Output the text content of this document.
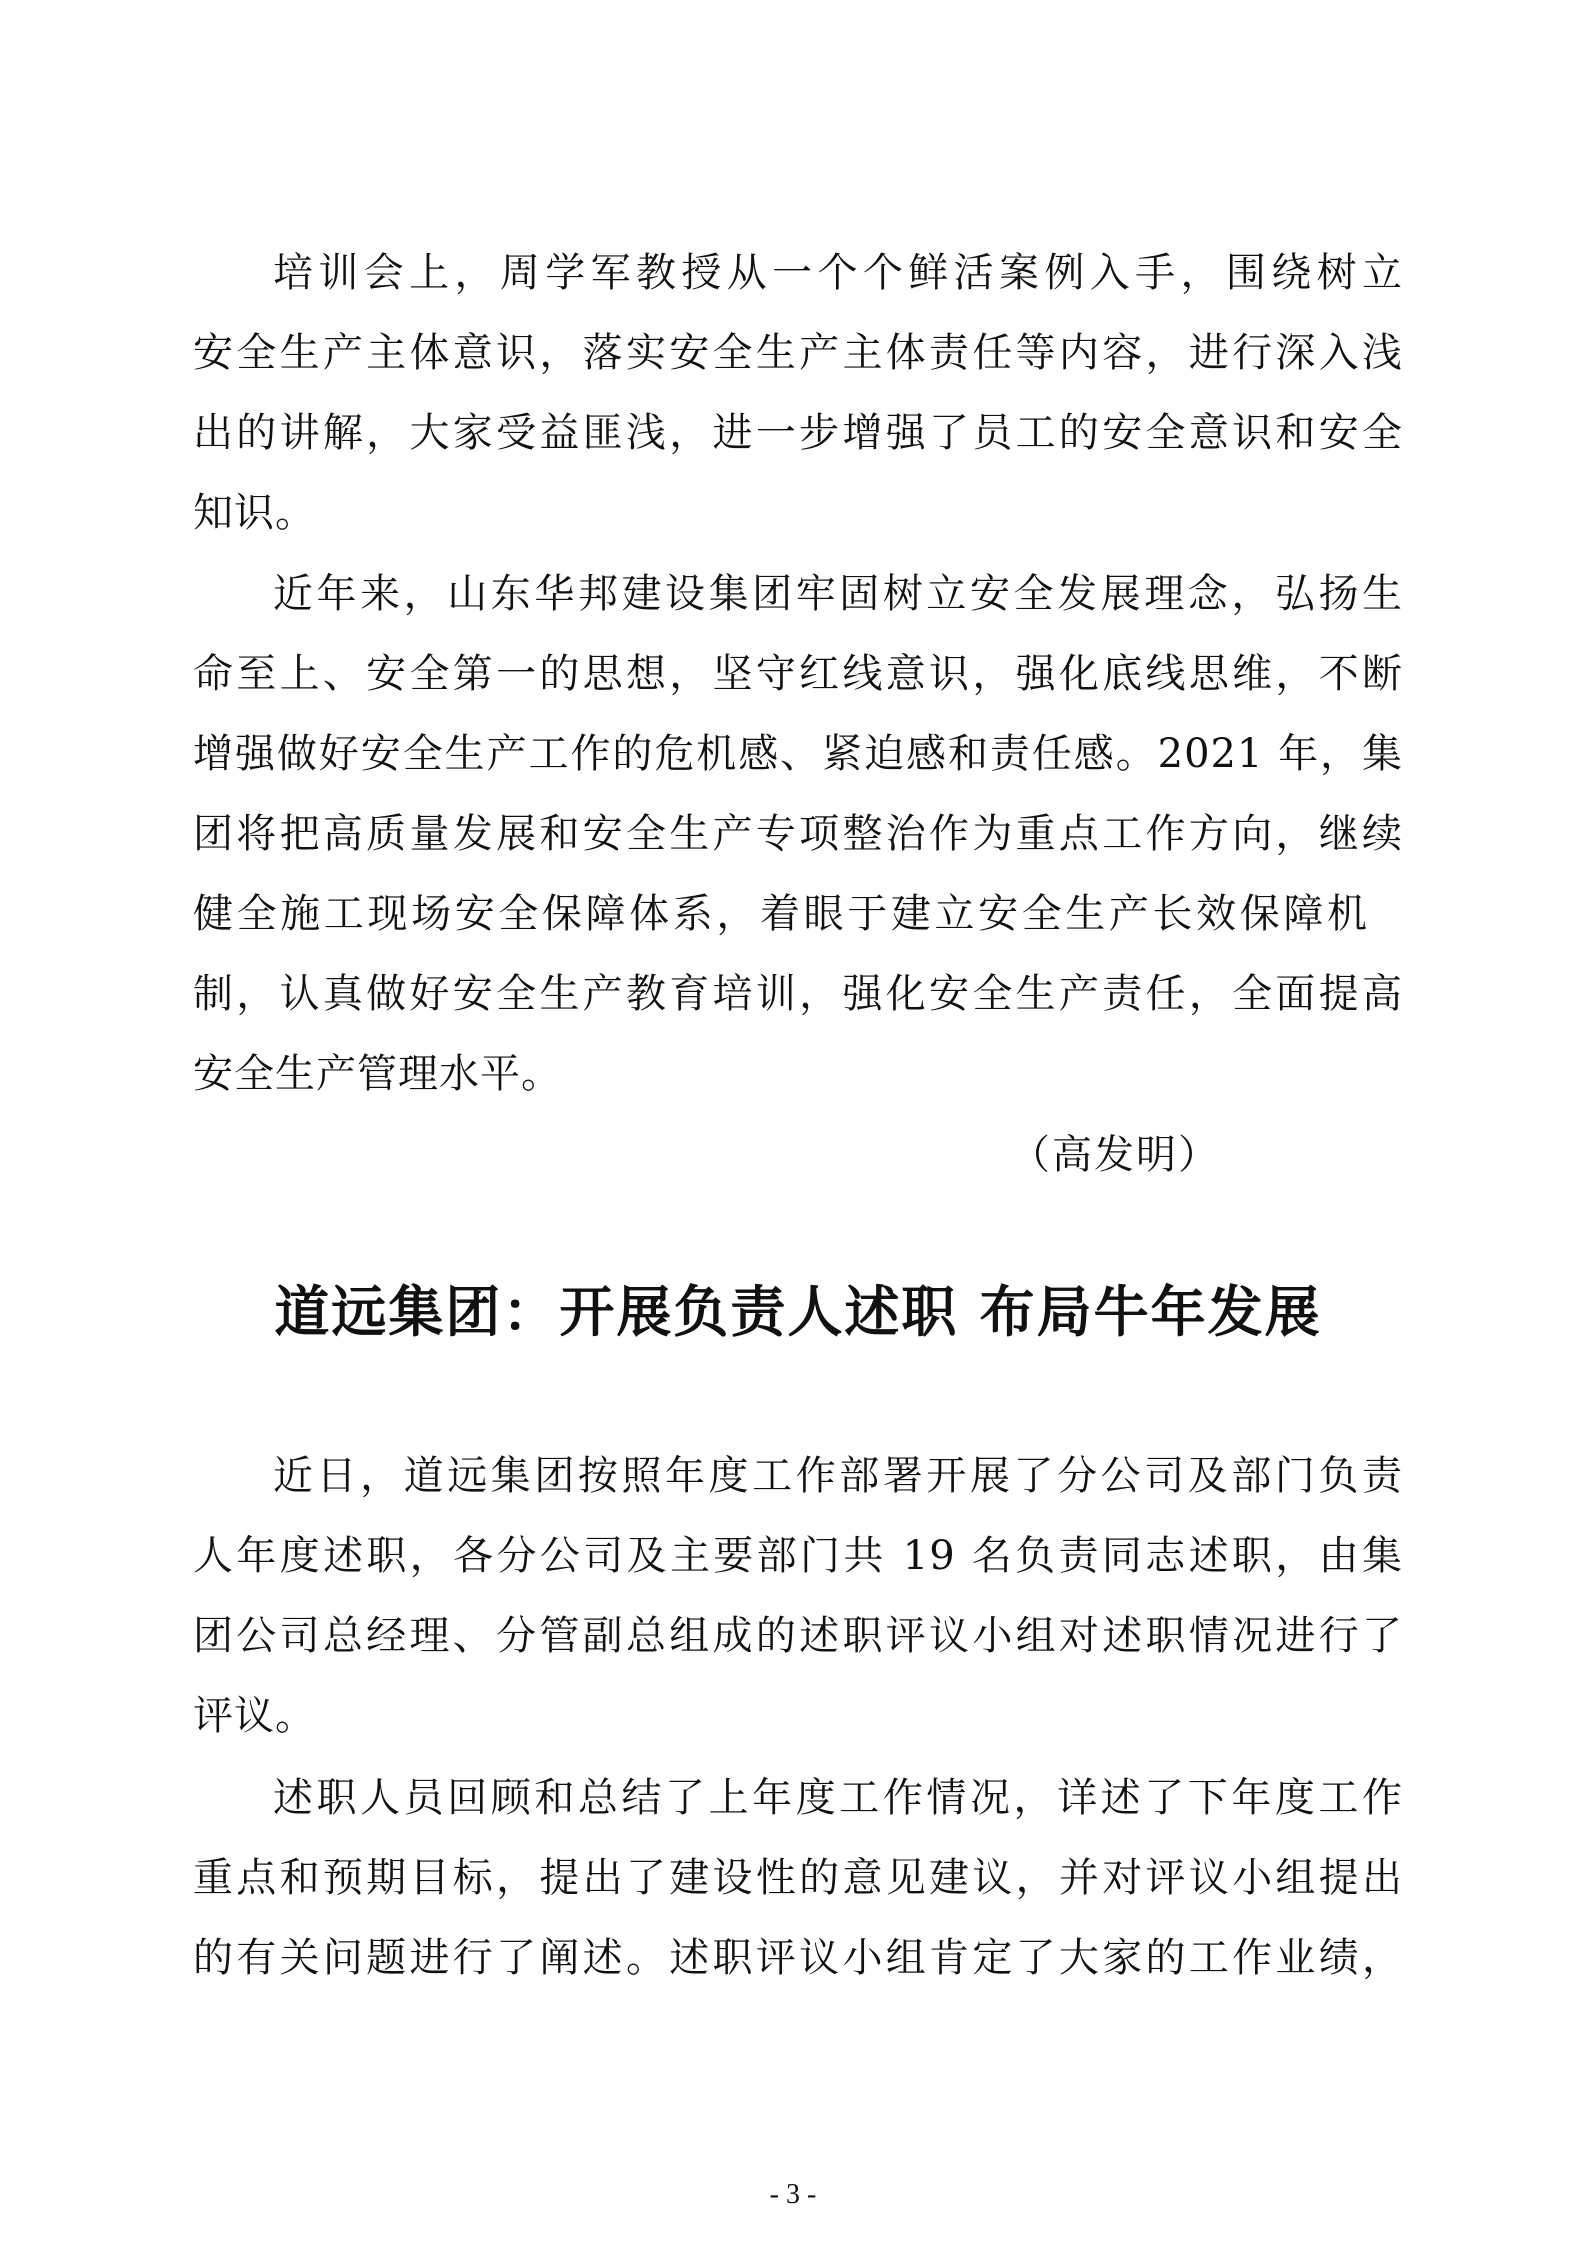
培训会上，周学军教授从一个个鲜活案例入手，围绕树立
安全生产主体意识，落实安全生产主体责任等内容，进行深入浅
出的讲解，大家受益匪浅，进一步增强了员工的安全意识和安全
知识。
近年来，山东华邦建设集团牢固树立安全发展理念，弘扬生
命至上、安全第一的思想，坚守红线意识，强化底线思维，不断
增强做好安全生产工作的危机感、紧迫感和责任感。2021 年，集
团将把高质量发展和安全生产专项整治作为重点工作方向，继续
健全施工现场安全保障体系，着眼于建立安全生产长效保障机
制，认真做好安全生产教育培训，强化安全生产责任，全面提高
安全生产管理水平。
（高发明）
道远集团：开展负责人述职 布局牛年发展
近日，道远集团按照年度工作部署开展了分公司及部门负责
人年度述职，各分公司及主要部门共 19 名负责同志述职，由集
团公司总经理、分管副总组成的述职评议小组对述职情况进行了
评议。
述职人员回顾和总结了上年度工作情况，详述了下年度工作
重点和预期目标，提出了建设性的意见建议，并对评议小组提出
的有关问题进行了阐述。述职评议小组肯定了大家的工作业绩，
- 3 -
